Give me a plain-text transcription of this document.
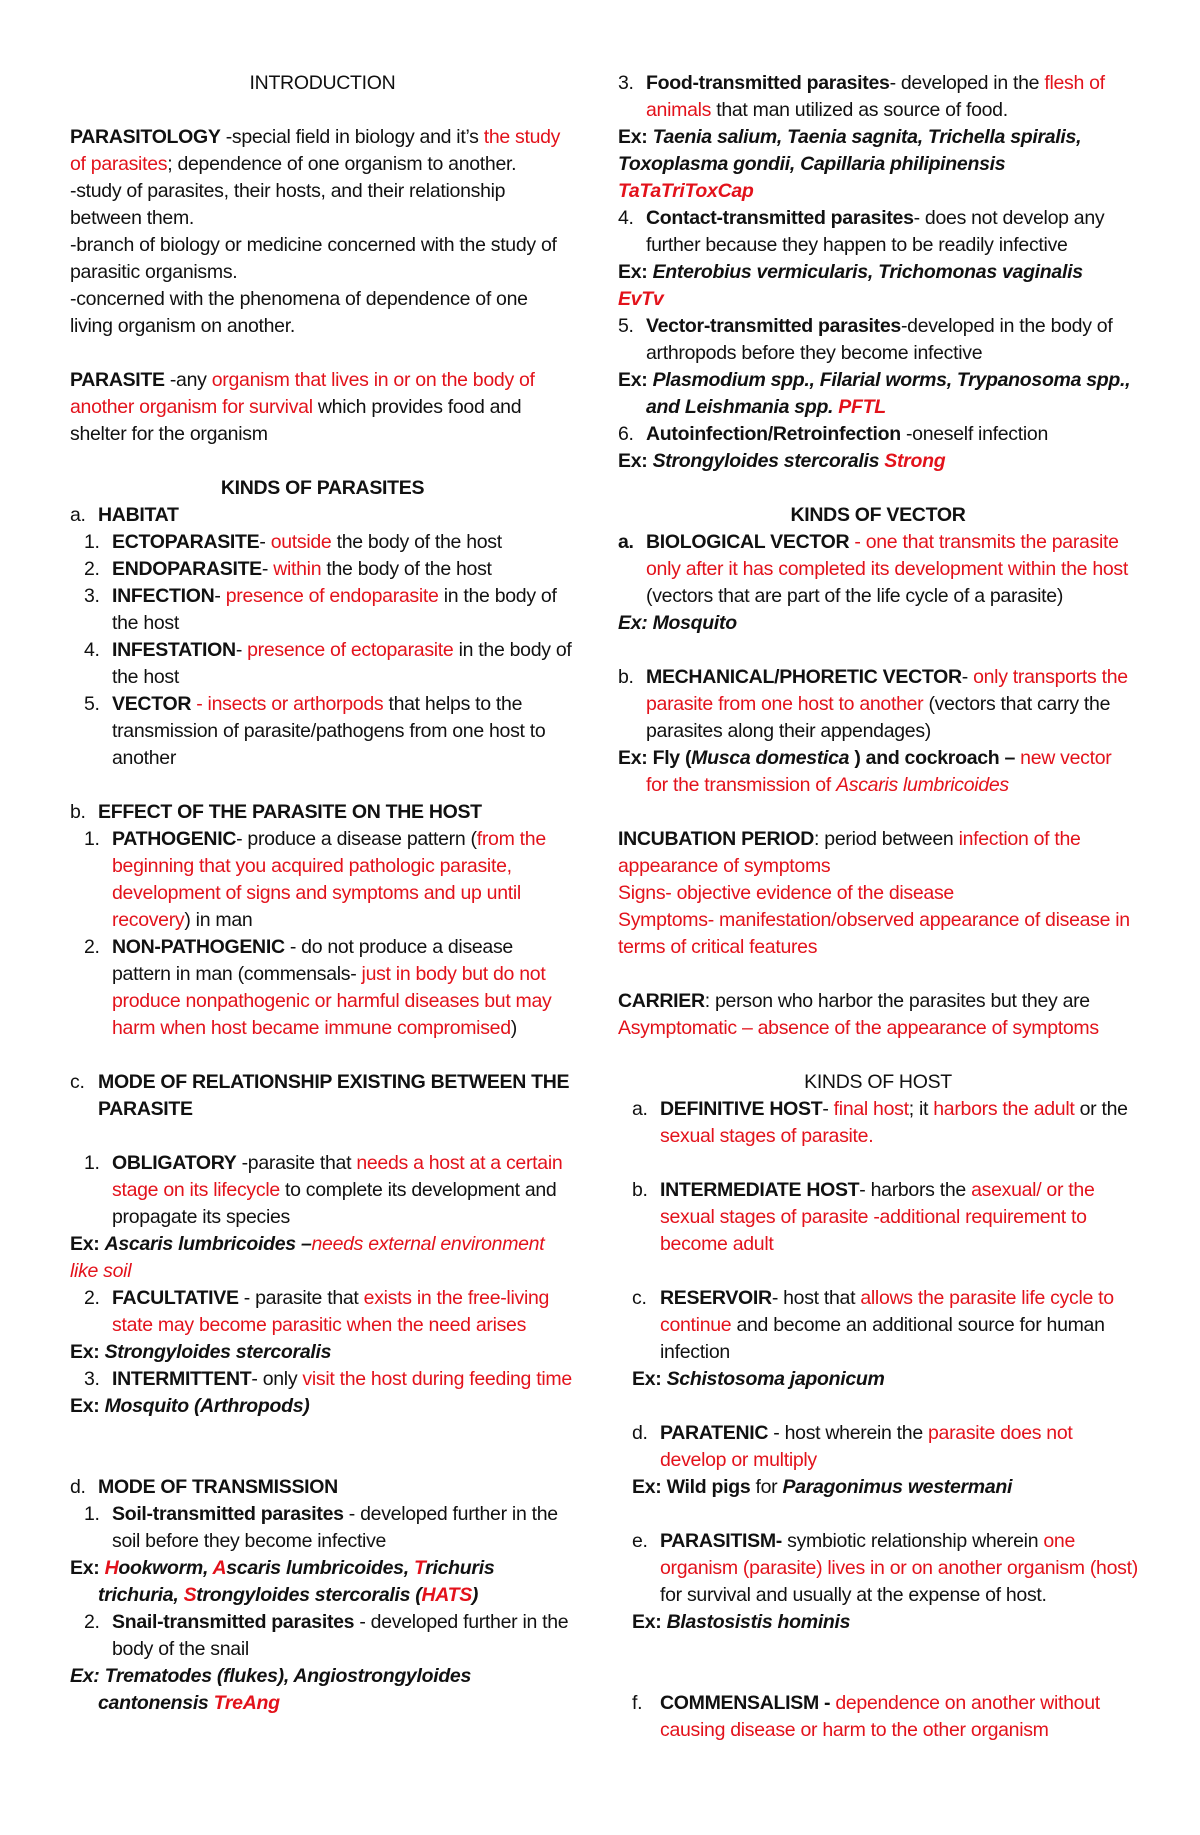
INTRODUCTION

PARASITOLOGY -special field in biology and it’s the study of parasites; dependence of one organism to another.

-study of parasites, their hosts, and their relationship between them.

-branch of biology or medicine concerned with the study of parasitic organisms.

-concerned with the phenomena of dependence of one living organism on another.

PARASITE -any organism that lives in or on the body of another organism for survival which provides food and shelter for the organism

KINDS OF PARASITES

a. HABITAT

1. ECTOPARASITE- outside the body of the host

2. ENDOPARASITE- within the body of the host

3. INFECTION- presence of endoparasite in the body of the host

4. INFESTATION- presence of ectoparasite in the body of the host

5. VECTOR - insects or arthorpods that helps to the transmission of parasite/pathogens from one host to another

b. EFFECT OF THE PARASITE ON THE HOST

1. PATHOGENIC- produce a disease pattern (from the beginning that you acquired pathologic parasite, development of signs and symptoms and up until recovery) in man

2. NON-PATHOGENIC - do not produce a disease pattern in man (commensals- just in body but do not produce nonpathogenic or harmful diseases but may harm when host became immune compromised)

c. MODE OF RELATIONSHIP EXISTING BETWEEN THE PARASITE

1. OBLIGATORY -parasite that needs a host at a certain stage on its lifecycle to complete its development and propagate its species

Ex: Ascaris lumbricoides –needs external environment like soil

2. FACULTATIVE - parasite that exists in the free-living state may become parasitic when the need arises

Ex: Strongyloides stercoralis

3. INTERMITTENT- only visit the host during feeding time

Ex: Mosquito (Arthropods)

d. MODE OF TRANSMISSION

1. Soil-transmitted parasites - developed further in the soil before they become infective

Ex: Hookworm, Ascaris lumbricoides, Trichuris trichuria, Strongyloides stercoralis (HATS)

2. Snail-transmitted parasites - developed further in the body of the snail

Ex: Trematodes (flukes), Angiostrongyloides cantonensis TreAng

3. Food-transmitted parasites- developed in the flesh of animals that man utilized as source of food.

Ex: Taenia salium, Taenia sagnita, Trichella spiralis, Toxoplasma gondii, Capillaria philipinensis

TaTaTriToxCap

4. Contact-transmitted parasites- does not develop any further because they happen to be readily infective

Ex: Enterobius vermicularis, Trichomonas vaginalis

EvTv

5. Vector-transmitted parasites-developed in the body of arthropods before they become infective

Ex: Plasmodium spp., Filarial worms, Trypanosoma spp., and Leishmania spp. PFTL

6. Autoinfection/Retroinfection -oneself infection

Ex: Strongyloides stercoralis Strong

KINDS OF VECTOR

a. BIOLOGICAL VECTOR - one that transmits the parasite only after it has completed its development within the host (vectors that are part of the life cycle of a parasite)

Ex: Mosquito

b. MECHANICAL/PHORETIC VECTOR- only transports the parasite from one host to another (vectors that carry the parasites along their appendages)

Ex: Fly (Musca domestica ) and cockroach – new vector for the transmission of Ascaris lumbricoides

INCUBATION PERIOD: period between infection of the appearance of symptoms

Signs- objective evidence of the disease

Symptoms- manifestation/observed appearance of disease in terms of critical features

CARRIER: person who harbor the parasites but they are

Asymptomatic – absence of the appearance of symptoms

KINDS OF HOST

a. DEFINITIVE HOST- final host; it harbors the adult or the sexual stages of parasite.

b. INTERMEDIATE HOST- harbors the asexual/ or the sexual stages of parasite -additional requirement to become adult

c. RESERVOIR- host that allows the parasite life cycle to continue and become an additional source for human infection

Ex: Schistosoma japonicum

d. PARATENIC - host wherein the parasite does not develop or multiply

Ex: Wild pigs for Paragonimus westermani

e. PARASITISM- symbiotic relationship wherein one organism (parasite) lives in or on another organism (host) for survival and usually at the expense of host.

Ex: Blastosistis hominis

f. COMMENSALISM - dependence on another without causing disease or harm to the other organism
